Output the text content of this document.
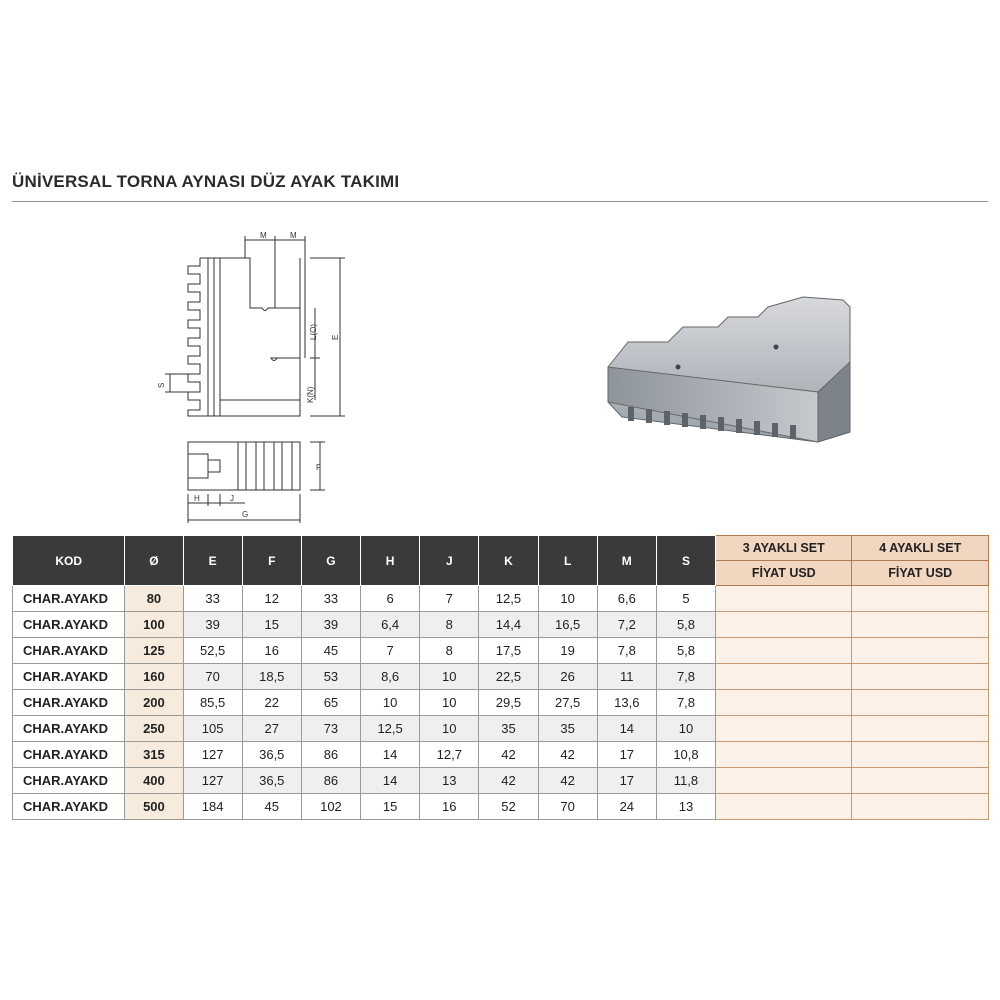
ÜNİVERSAL TORNA AYNASI DÜZ AYAK TAKIMI
M	M
L(O) E
S
K(N)
F
H	J
G
KOD	Ø	E	F	G	H	J	K	L	M	S	3 AYAKLI SET	4 AYAKLI SET
											FİYAT USD	FİYAT USD
CHAR.AYAKD	80	33	12	33	6	7	12,5	10	6,6	5		
CHAR.AYAKD	100	39	15	39	6,4	8	14,4	16,5	7,2	5,8		
CHAR.AYAKD	125	52,5	16	45	7	8	17,5	19	7,8	5,8		
CHAR.AYAKD	160	70	18,5	53	8,6	10	22,5	26	11	7,8		
CHAR.AYAKD	200	85,5	22	65	10	10	29,5	27,5	13,6	7,8		
CHAR.AYAKD	250	105	27	73	12,5	10	35	35	14	10		
CHAR.AYAKD	315	127	36,5	86	14	12,7	42	42	17	10,8		
CHAR.AYAKD	400	127	36,5	86	14	13	42	42	17	11,8		
CHAR.AYAKD	500	184	45	102	15	16	52	70	24	13		
